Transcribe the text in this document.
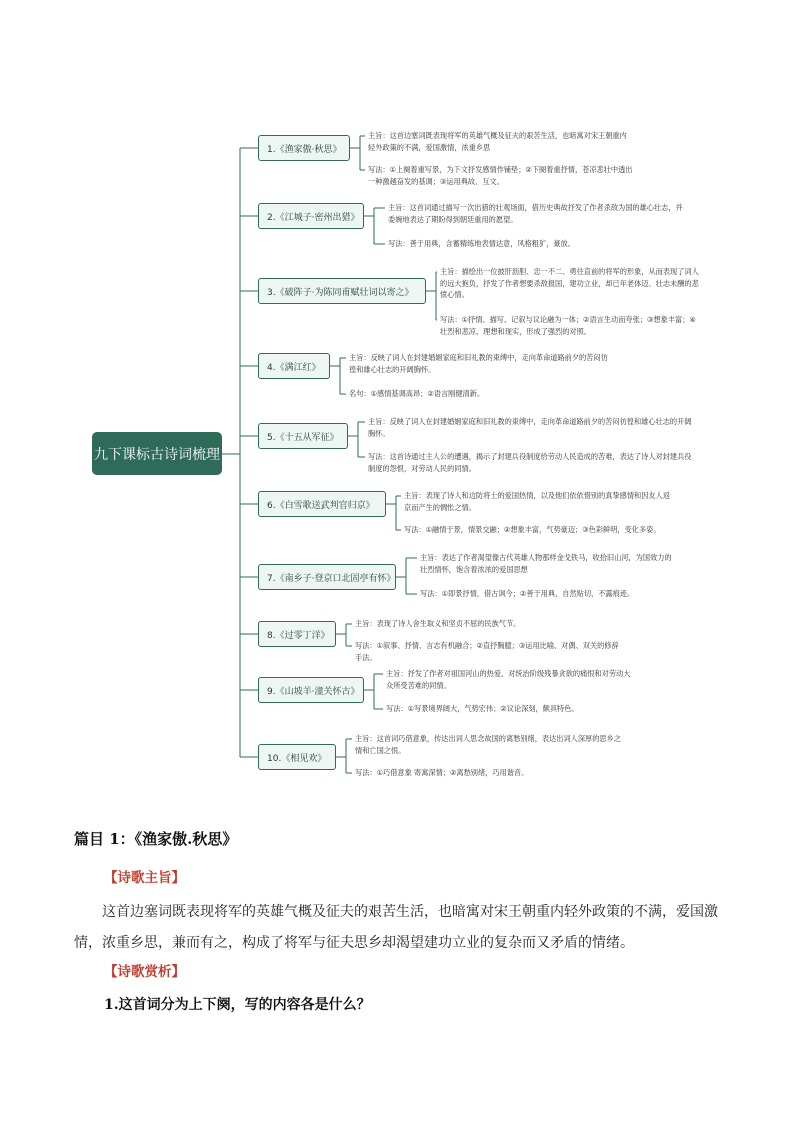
九下课标古诗词梳理
1.《渔家傲·秋思》
主旨：这首边塞词既表现将军的英雄气概及征夫的艰苦生活，也暗寓对宋王朝重内轻外政策的不满，爱国激情，浓重乡思
写法：①上阕着重写景，为下文抒发感情作铺垫；②下阕着重抒情，苍凉悲壮中透出一种激越奋发的基调；③运用典故、互文。
2.《江城子·密州出猎》
主旨：这首词通过描写一次出猎的壮观场面，借历史典故抒发了作者杀敌为国的雄心壮志，并委婉地表达了期盼得到朝廷重用的愿望。
写法：善于用典，含蓄精练地表情达意，风格粗犷，豪放。
3.《破阵子·为陈同甫赋壮词以寄之》
主旨：描绘出一位披肝沥胆、忠一不二、勇往直前的将军的形象，从而表现了词人的远大抱负，抒发了作者想要杀敌报国，建功立业，却已年老体迈、壮志未酬的悲愤心情。
写法：①抒情、描写、记叙与议论融为一体；②语言生动而夸张；③想象丰富；④壮烈和悲凉、理想和现实，形成了强烈的对照。
4.《满江红》
主旨：反映了词人在封建婚姻家庭和旧礼教的束缚中，走向革命道路前夕的苦闷彷徨和雄心壮志的开阔胸怀。
名句：①感情基调高昂；②语言刚健清新。
5.《十五从军征》
主旨：反映了词人在封建婚姻家庭和旧礼教的束缚中，走向革命道路前夕的苦闷彷徨和雄心壮志的开阔胸怀。
写法：这首诗通过主人公的遭遇，揭示了封建兵役制度给劳动人民造成的苦难，表达了诗人对封建兵役制度的怨恨，对劳动人民的同情。
6.《白雪歌送武判官归京》
主旨：表现了诗人和边防将士的爱国热情，以及他们依依惜别的真挚感情和因友人返京而产生的惆怅之情。
写法：①融情于景，情景交融；②想象丰富，气势豪迈；③色彩鲜明，变化多姿。
7.《南乡子·登京口北固亭有怀》
主旨：表达了作者渴望像古代英雄人物那样金戈铁马，收拾旧山河，为国效力的壮烈情怀，饱含着浓浓的爱国思想
写法：①即景抒情，借古讽今；②善于用典，自然贴切，不露痕迹。
8.《过零丁洋》
主旨：表现了诗人舍生取义和坚贞不屈的民族气节。
写法：①叙事、抒情、言志有机融合；②直抒胸臆；③运用比喻、对偶、双关的修辞手法。
9.《山坡羊·潼关怀古》
主旨：抒发了作者对祖国河山的热爱，对统治阶级残暴贪欲的痛恨和对劳动大众所受苦难的同情。
写法：①写景境界阔大，气势宏伟；②议论深刻，颇具特色。
10.《相见欢》
主旨：这首词巧借意象，传达出词人思念故国的离愁别绪，表达出词人深厚的思乡之情和亡国之恨。
写法：①巧借意象 寄寓深情；②离愁别绪，巧用谐音。
篇目 1：《渔家傲.秋思》
【诗歌主旨】
这首边塞词既表现将军的英雄气概及征夫的艰苦生活，也暗寓对宋王朝重内轻外政策的不满，爱国激情，浓重乡思，兼而有之，构成了将军与征夫思乡却渴望建功立业的复杂而又矛盾的情绪。
【诗歌赏析】
1.这首词分为上下阕，写的内容各是什么？
